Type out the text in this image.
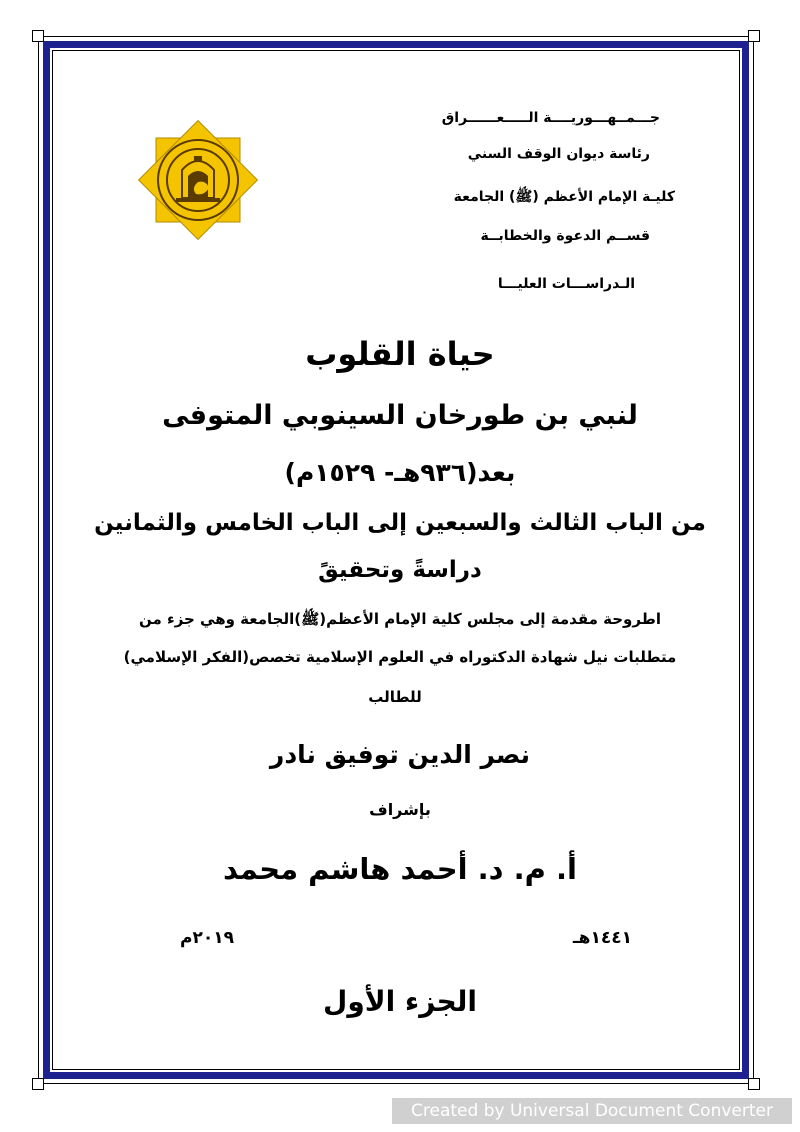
جـــمــهـــوريــــة الـــــعــــــراق
رئاسة ديوان الوقف السني
كليـة الإمام الأعظم (ﷺ) الجامعة
قســم الدعوة والخطابــة
الـدراســـات العليـــا
حياة القلوب
لنبي بن طورخان السينوبي المتوفى
بعد(٩٣٦هـ- ١٥٢٩م)
من الباب الثالث والسبعين إلى الباب الخامس والثمانين
دراسةً وتحقيقً
اطروحة مقدمة إلى مجلس كلية الإمام الأعظم(ﷺ)الجامعة وهي جزء من
متطلبات نيل شهادة الدكتوراه في العلوم الإسلامية تخصص(الفكر الإسلامي)
للطالب
نصر الدين توفيق نادر
بإشراف
أ. م. د. أحمد هاشم محمد
١٤٤١هـ
٢٠١٩م
الجزء الأول
Created by Universal Document Converter
